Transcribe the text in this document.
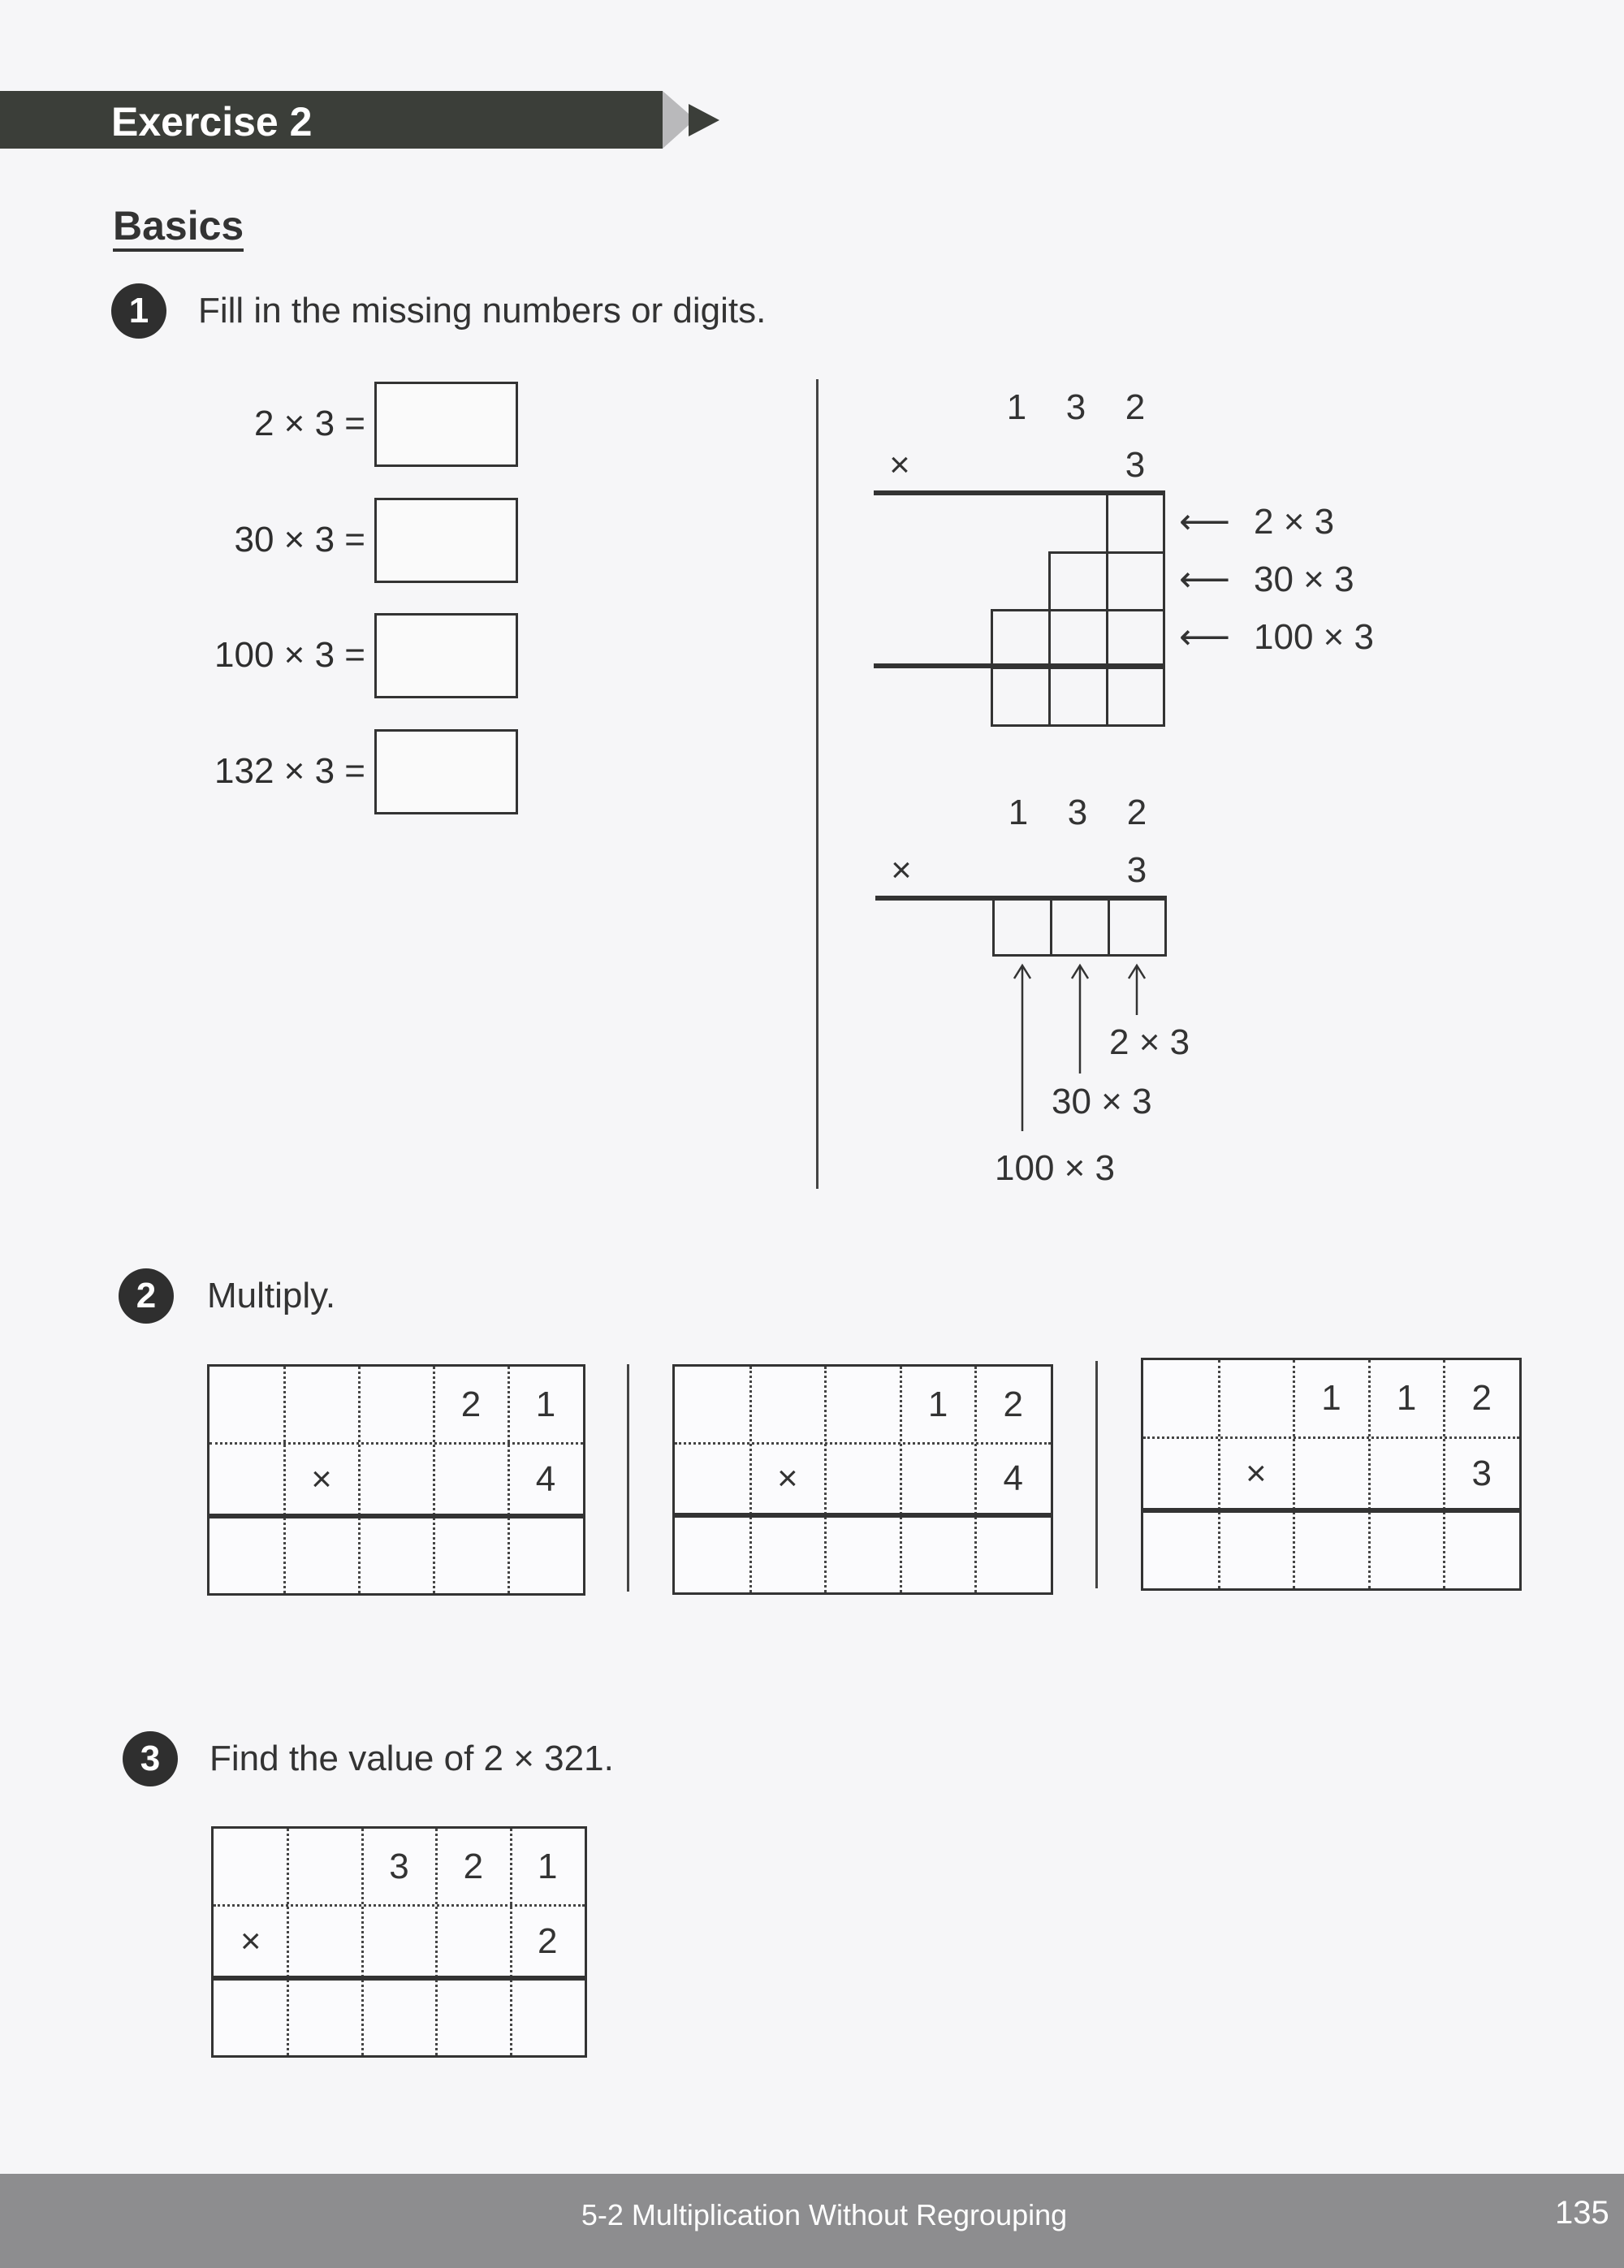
Exercise 2
Basics
1	Fill in the missing numbers or digits.
2 × 3 =
30 × 3 =
100 × 3 =
132 × 3 =
1	3	2
×	3
⟵ 2 × 3
⟵ 30 × 3
⟵ 100 × 3
1	3	2
×	3
2 × 3
30 × 3
100 × 3
2	Multiply.
2	1
×	4
1	2
×	4
1	1	2
×	3
3	Find the value of 2 × 321.
3	2	1
×	2
5-2 Multiplication Without Regrouping	135
